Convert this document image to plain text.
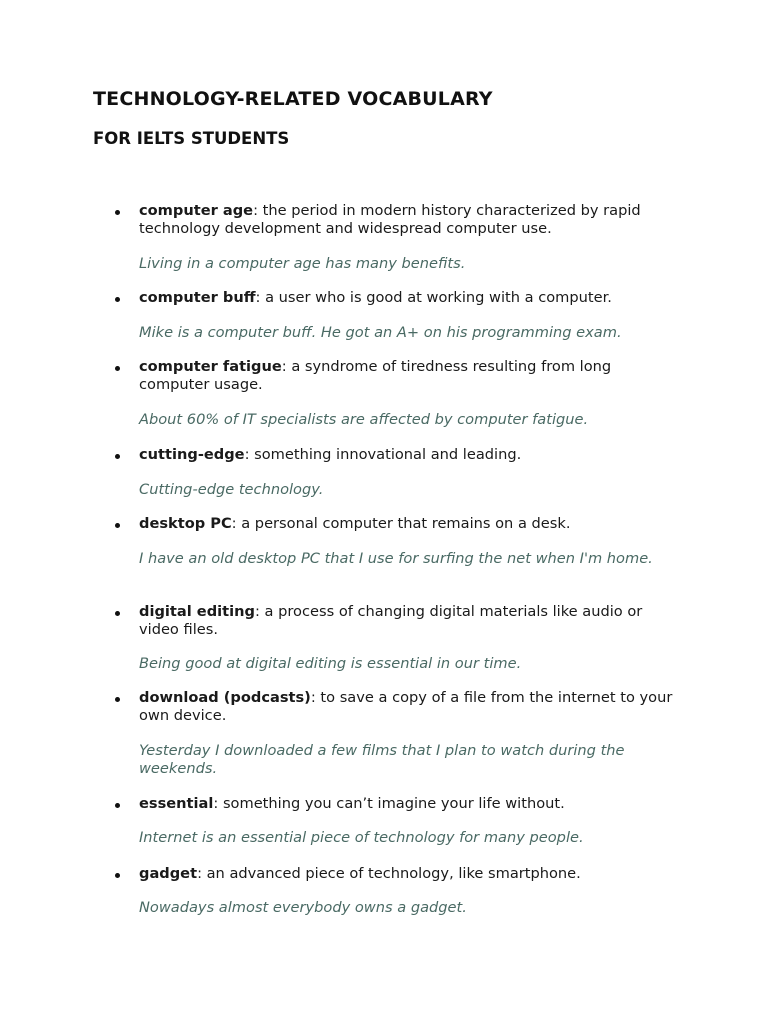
TECHNOLOGY-RELATED VOCABULARY
FOR IELTS STUDENTS
computer age: the period in modern history characterized by rapid technology development and widespread computer use.
Living in a computer age has many benefits.
computer buff: a user who is good at working with a computer.
Mike is a computer buff. He got an A+ on his programming exam.
computer fatigue: a syndrome of tiredness resulting from long computer usage.
About 60% of IT specialists are affected by computer fatigue.
cutting-edge: something innovational and leading.
Cutting-edge technology.
desktop PC: a personal computer that remains on a desk.
I have an old desktop PC that I use for surfing the net when I'm home.
digital editing: a process of changing digital materials like audio or video files.
Being good at digital editing is essential in our time.
download (podcasts): to save a copy of a file from the internet to your own device.
Yesterday I downloaded a few films that I plan to watch during the weekends.
essential: something you can’t imagine your life without.
Internet is an essential piece of technology for many people.
gadget: an advanced piece of technology, like smartphone.
Nowadays almost everybody owns a gadget.
